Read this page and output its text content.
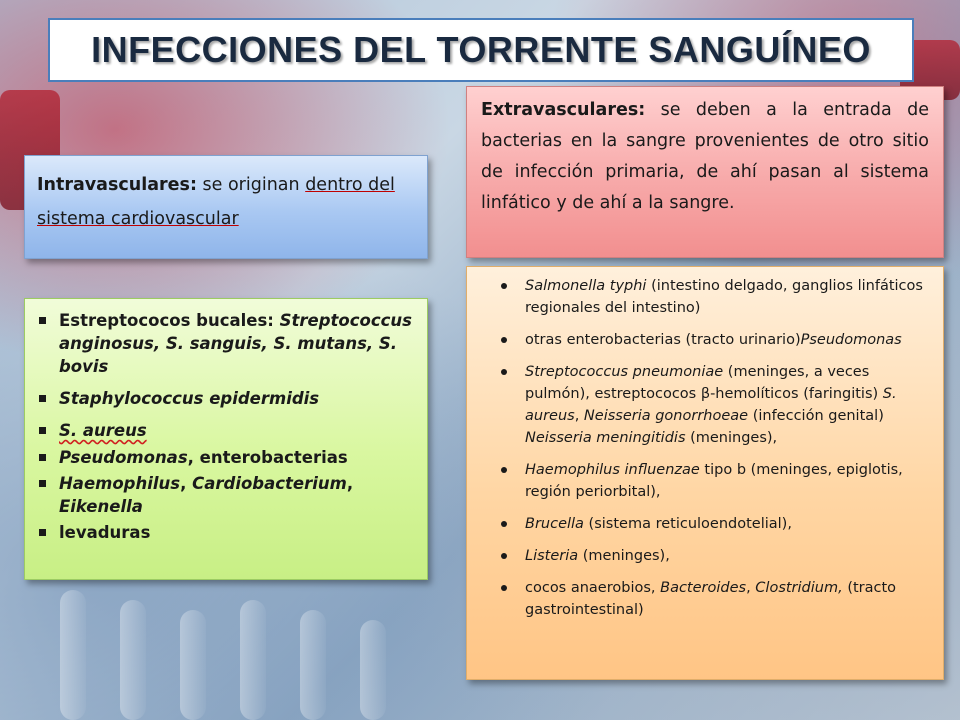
INFECCIONES DEL TORRENTE SANGUÍNEO

Intravasculares: se originan dentro del sistema cardiovascular

Extravasculares: se deben a la entrada de bacterias en la sangre provenientes de otro sitio de infección primaria, de ahí pasan al sistema linfático y de ahí a la sangre.

Estreptococos bucales: Streptococcus anginosus, S. sanguis, S. mutans, S. bovis
Staphylococcus epidermidis
S. aureus
Pseudomonas, enterobacterias
Haemophilus, Cardiobacterium, Eikenella
levaduras
Salmonella typhi (intestino delgado, ganglios linfáticos regionales del intestino)
otras enterobacterias (tracto urinario)Pseudomonas
Streptococcus pneumoniae (meninges, a veces pulmón), estreptococos β-hemolíticos (faringitis) S. aureus, Neisseria gonorrhoeae (infección genital) Neisseria meningitidis (meninges),
Haemophilus influenzae tipo b (meninges, epiglotis, región periorbital),
Brucella (sistema reticuloendotelial),
Listeria (meninges),
cocos anaerobios, Bacteroides, Clostridium, (tracto gastrointestinal)
